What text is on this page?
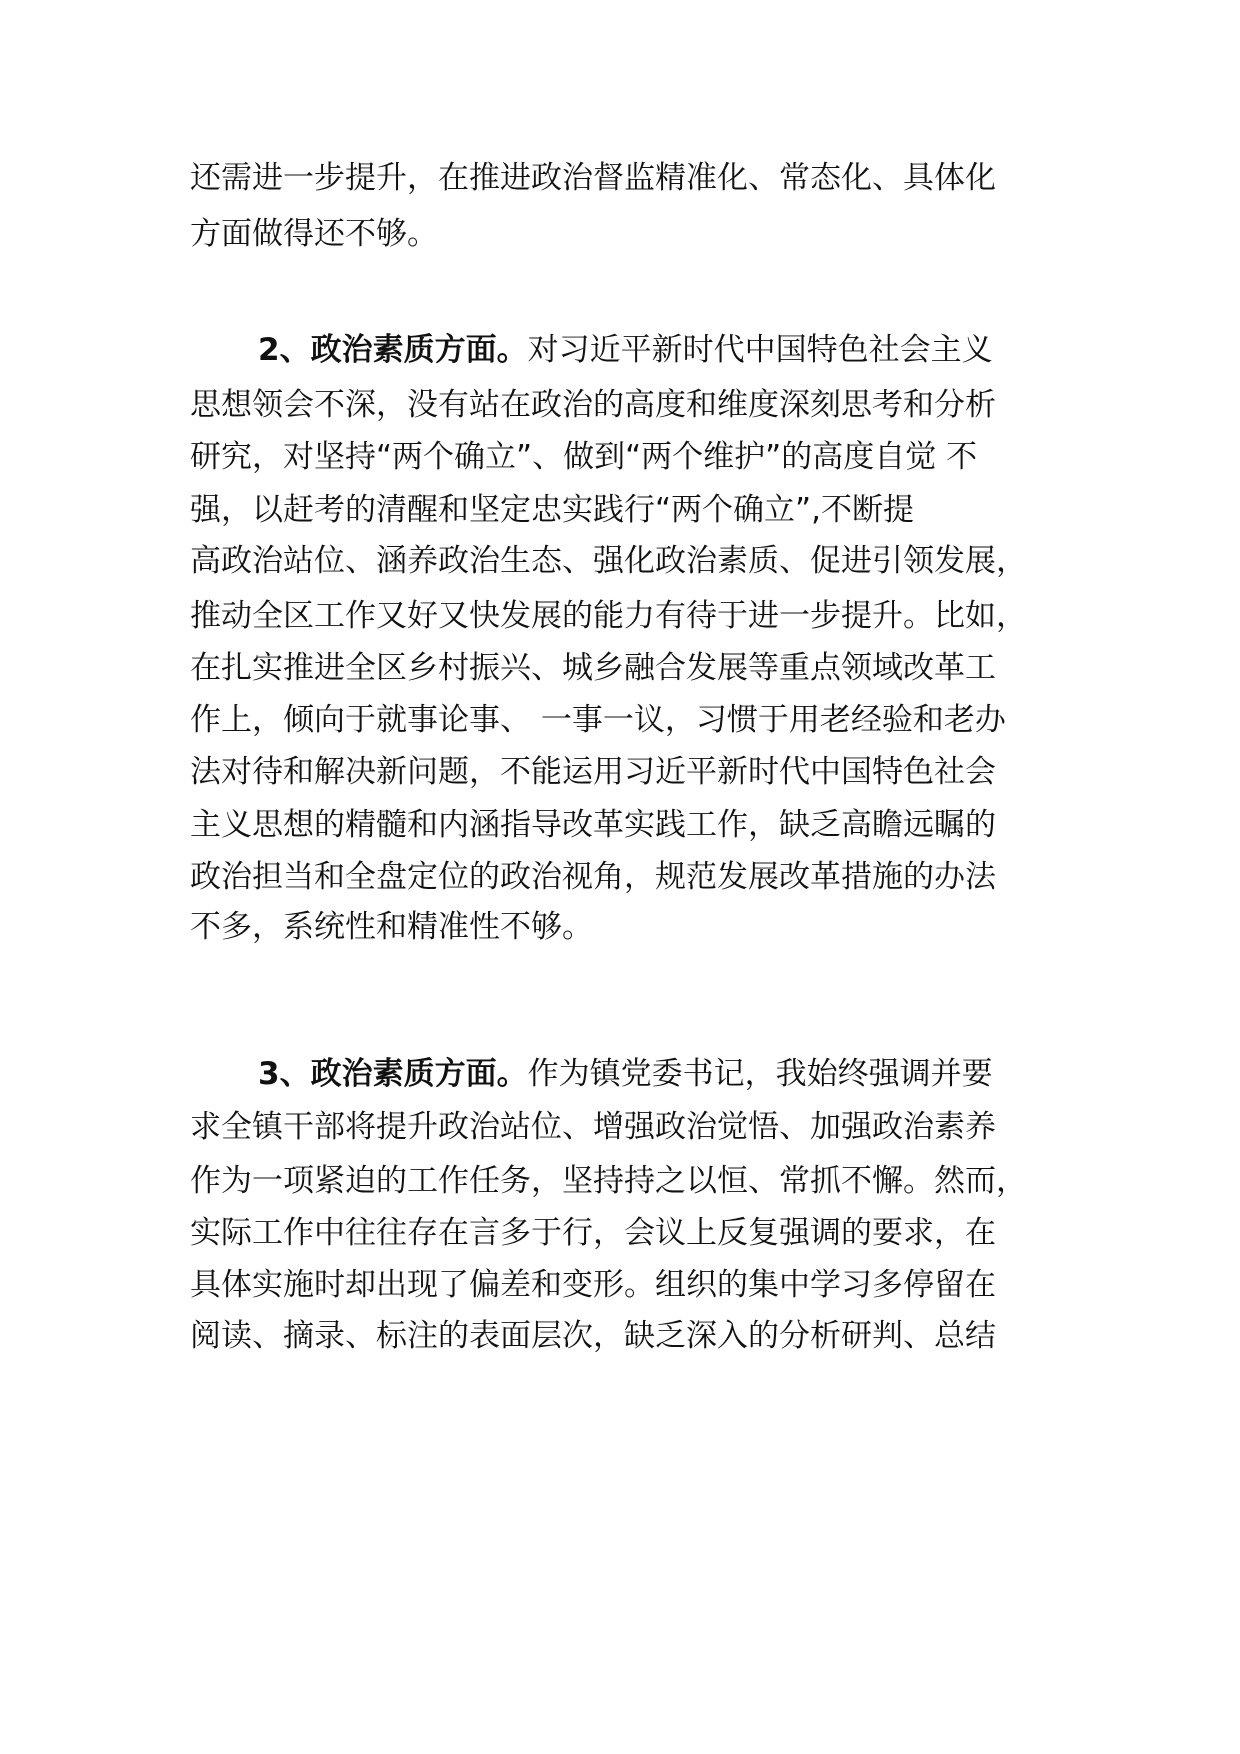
还需进一步提升，在推进政治督监精准化、常态化、具体化
方面做得还不够。
2、政治素质方面。对习近平新时代中国特色社会主义
思想领会不深，没有站在政治的高度和维度深刻思考和分析
研究，对坚持“两个确立”、做到“两个维护”的高度自觉 不
强，以赶考的清醒和坚定忠实践行“两个确立”,不断提
高政治站位、涵养政治生态、强化政治素质、促进引领发展，
推动全区工作又好又快发展的能力有待于进一步提升。比如，
在扎实推进全区乡村振兴、城乡融合发展等重点领域改革工
作上，倾向于就事论事、 一事一议，习惯于用老经验和老办
法对待和解决新问题，不能运用习近平新时代中国特色社会
主义思想的精髓和内涵指导改革实践工作，缺乏高瞻远瞩的
政治担当和全盘定位的政治视角，规范发展改革措施的办法
不多，系统性和精准性不够。
3、政治素质方面。作为镇党委书记，我始终强调并要
求全镇干部将提升政治站位、增强政治觉悟、加强政治素养
作为一项紧迫的工作任务，坚持持之以恒、常抓不懈。然而，
实际工作中往往存在言多于行，会议上反复强调的要求，在
具体实施时却出现了偏差和变形。组织的集中学习多停留在
阅读、摘录、标注的表面层次，缺乏深入的分析研判、总结
